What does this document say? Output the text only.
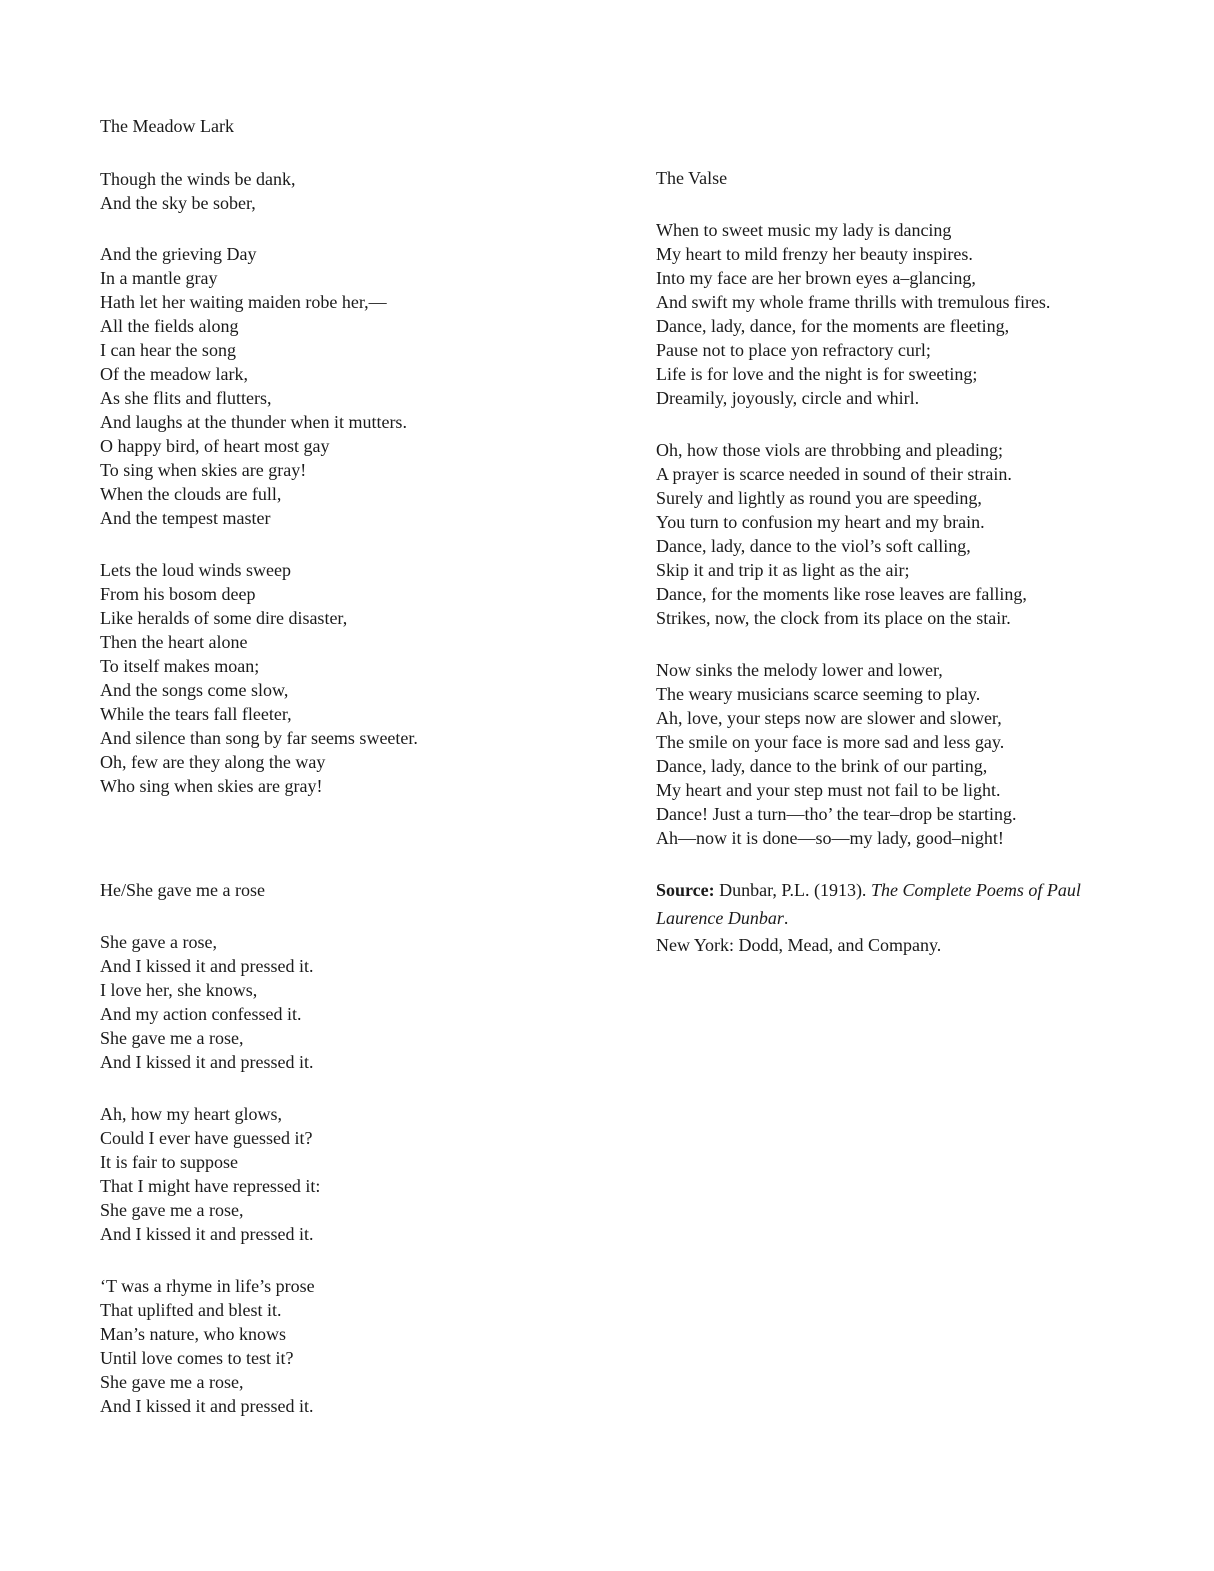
The Meadow Lark
Though the winds be dank,
And the sky be sober,
And the grieving Day
In a mantle gray
Hath let her waiting maiden robe her,—
All the fields along
I can hear the song
Of the meadow lark,
As she flits and flutters,
And laughs at the thunder when it mutters.
O happy bird, of heart most gay
To sing when skies are gray!
When the clouds are full,
And the tempest master
Lets the loud winds sweep
From his bosom deep
Like heralds of some dire disaster,
Then the heart alone
To itself makes moan;
And the songs come slow,
While the tears fall fleeter,
And silence than song by far seems sweeter.
Oh, few are they along the way
Who sing when skies are gray!
He/She gave me a rose
She gave a rose,
And I kissed it and pressed it.
I love her, she knows,
And my action confessed it.
She gave me a rose,
And I kissed it and pressed it.
Ah, how my heart glows,
Could I ever have guessed it?
It is fair to suppose
That I might have repressed it:
She gave me a rose,
And I kissed it and pressed it.
‘T was a rhyme in life’s prose
That uplifted and blest it.
Man’s nature, who knows
Until love comes to test it?
She gave me a rose,
And I kissed it and pressed it.
The Valse
When to sweet music my lady is dancing
My heart to mild frenzy her beauty inspires.
Into my face are her brown eyes a–glancing,
And swift my whole frame thrills with tremulous fires.
Dance, lady, dance, for the moments are fleeting,
Pause not to place yon refractory curl;
Life is for love and the night is for sweeting;
Dreamily, joyously, circle and whirl.
Oh, how those viols are throbbing and pleading;
A prayer is scarce needed in sound of their strain.
Surely and lightly as round you are speeding,
You turn to confusion my heart and my brain.
Dance, lady, dance to the viol’s soft calling,
Skip it and trip it as light as the air;
Dance, for the moments like rose leaves are falling,
Strikes, now, the clock from its place on the stair.
Now sinks the melody lower and lower,
The weary musicians scarce seeming to play.
Ah, love, your steps now are slower and slower,
The smile on your face is more sad and less gay.
Dance, lady, dance to the brink of our parting,
My heart and your step must not fail to be light.
Dance! Just a turn—tho’ the tear–drop be starting.
Ah—now it is done—so—my lady, good–night!
Source: Dunbar, P.L. (1913). The Complete Poems of Paul Laurence Dunbar.
New York: Dodd, Mead, and Company.
